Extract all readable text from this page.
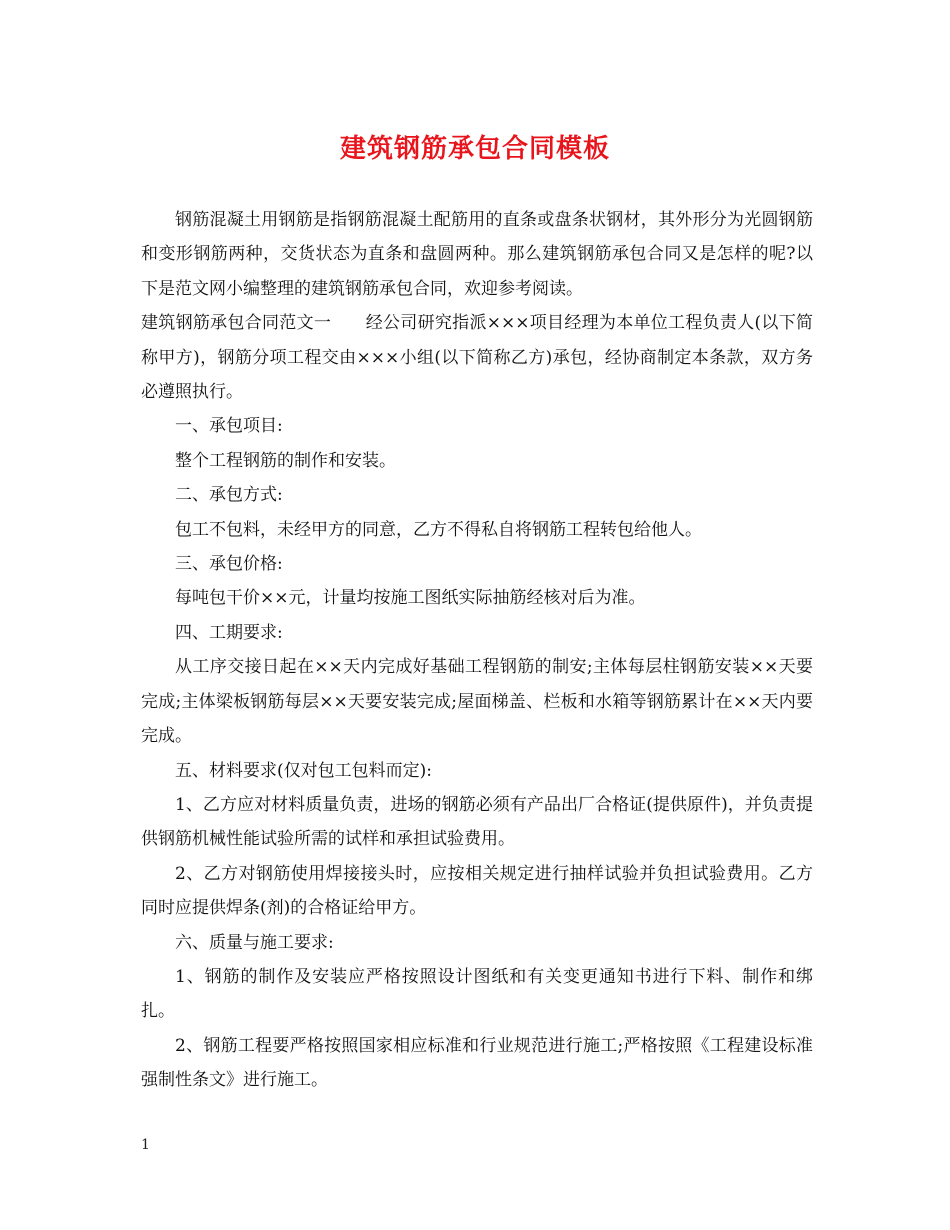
建筑钢筋承包合同模板

钢筋混凝土用钢筋是指钢筋混凝土配筋用的直条或盘条状钢材，其外形分为光圆钢筋和变形钢筋两种，交货状态为直条和盘圆两种。那么建筑钢筋承包合同又是怎样的呢?以下是范文网小编整理的建筑钢筋承包合同，欢迎参考阅读。

建筑钢筋承包合同范文一　　经公司研究指派×××项目经理为本单位工程负责人(以下简称甲方)，钢筋分项工程交由×××小组(以下简称乙方)承包，经协商制定本条款，双方务必遵照执行。

一、承包项目:

整个工程钢筋的制作和安装。

二、承包方式:

包工不包料，未经甲方的同意，乙方不得私自将钢筋工程转包给他人。

三、承包价格:

每吨包干价××元，计量均按施工图纸实际抽筋经核对后为准。

四、工期要求:

从工序交接日起在××天内完成好基础工程钢筋的制安;主体每层柱钢筋安装××天要完成;主体梁板钢筋每层××天要安装完成;屋面梯盖、栏板和水箱等钢筋累计在××天内要完成。

五、材料要求(仅对包工包料而定):

1、乙方应对材料质量负责，进场的钢筋必须有产品出厂合格证(提供原件)，并负责提供钢筋机械性能试验所需的试样和承担试验费用。

2、乙方对钢筋使用焊接接头时，应按相关规定进行抽样试验并负担试验费用。乙方同时应提供焊条(剂)的合格证给甲方。

六、质量与施工要求:

1、钢筋的制作及安装应严格按照设计图纸和有关变更通知书进行下料、制作和绑扎。

2、钢筋工程要严格按照国家相应标准和行业规范进行施工;严格按照《工程建设标准强制性条文》进行施工。

1
